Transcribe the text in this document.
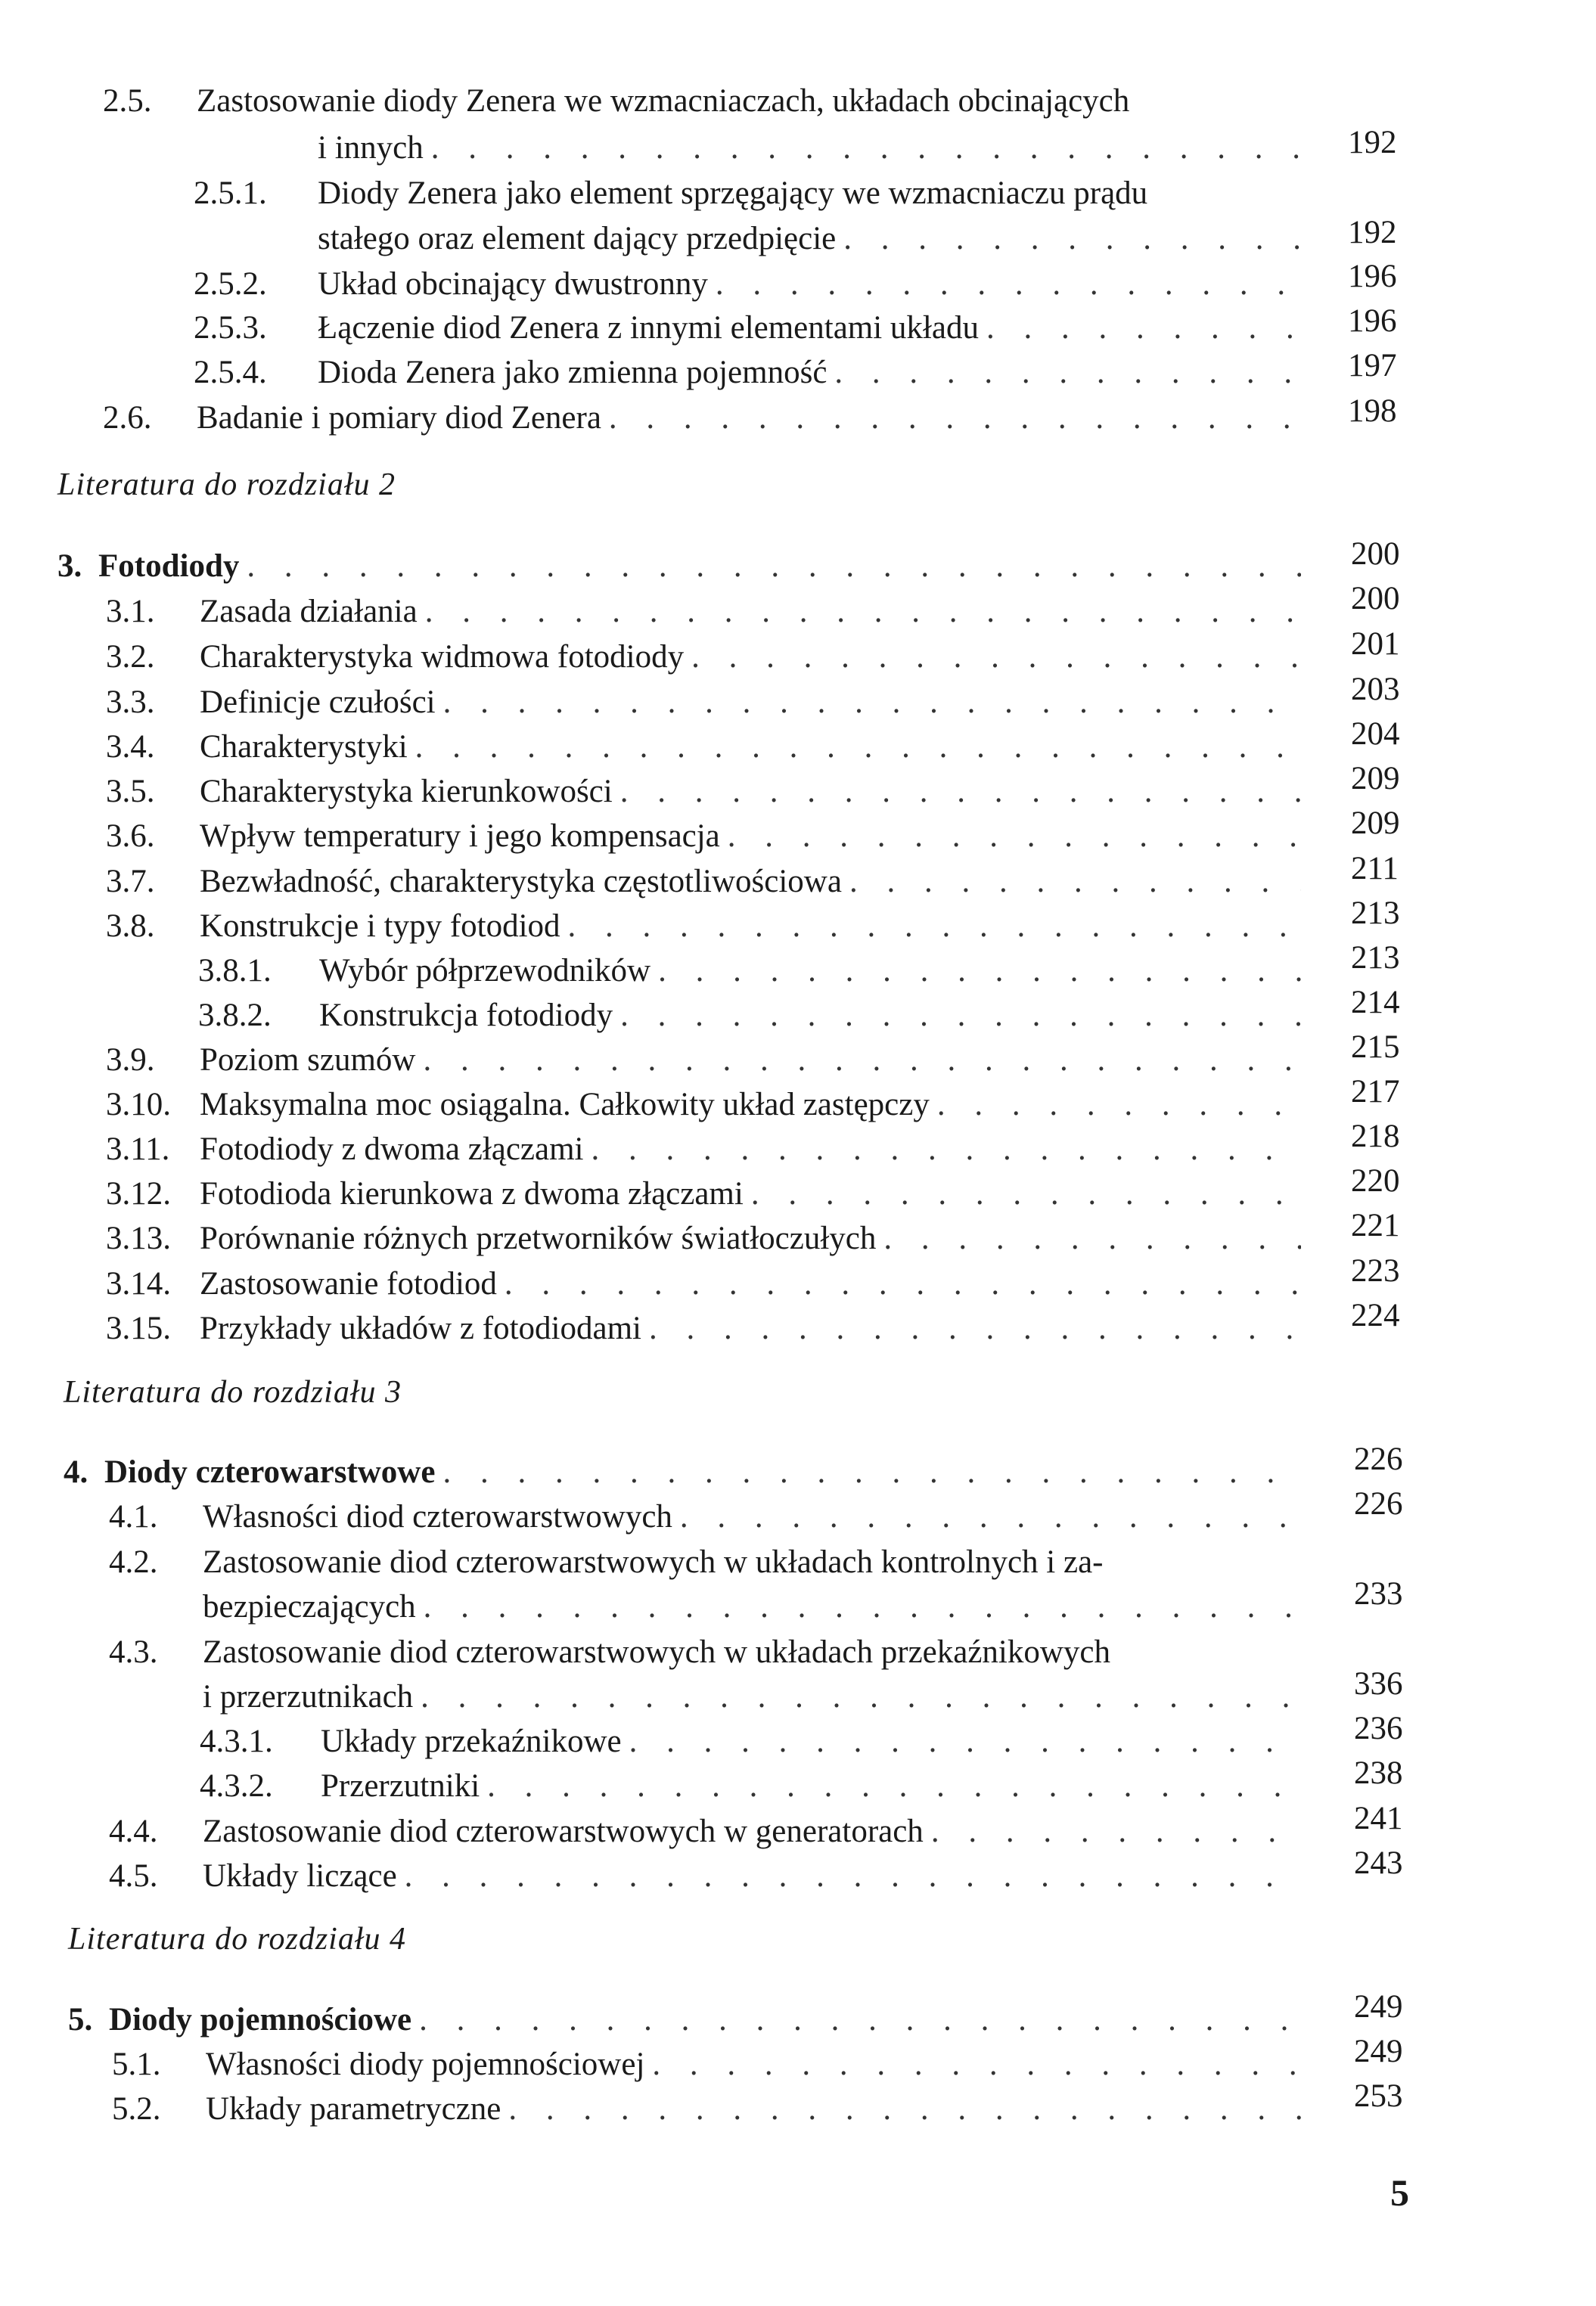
2.5.	Zastosowanie diody Zenera we wzmacniaczach, układach obcinających
i innych . . .	192
2.5.1.	Diody Zenera jako element sprzęgający we wzmacniaczu prądu
stałego oraz element dający przedpięcie . . .	192
2.5.2.	Układ obcinający dwustronny . . .	196
2.5.3.	Łączenie diod Zenera z innymi elementami układu . . .	196
2.5.4.	Dioda Zenera jako zmienna pojemność . . .	197
2.6.	Badanie i pomiary diod Zenera . . .	198
Literatura do rozdziału 2
3. Fotodiody . . .	200
3.1.	Zasada działania . . .	200
3.2.	Charakterystyka widmowa fotodiody . . .	201
3.3.	Definicje czułości . . .	203
3.4.	Charakterystyki . . .	204
3.5.	Charakterystyka kierunkowości . . .	209
3.6.	Wpływ temperatury i jego kompensacja . . .	209
3.7.	Bezwładność, charakterystyka częstotliwościowa . . .	211
3.8.	Konstrukcje i typy fotodiod . . .	213
3.8.1.	Wybór półprzewodników . . .	213
3.8.2.	Konstrukcja fotodiody . . .	214
3.9.	Poziom szumów . . .	215
3.10. Maksymalna moc osiągalna. Całkowity układ zastępczy . . .	217
3.11. Fotodiody z dwoma złączami . . .	218
3.12. Fotodioda kierunkowa z dwoma złączami . . .	220
3.13. Porównanie różnych przetworników światłoczułych . . .	221
3.14. Zastosowanie fotodiod . . .	223
3.15. Przykłady układów z fotodiodami . . .	224
Literatura do rozdziału 3
4. Diody czterowarstwowe . . .	226
4.1.	Własności diod czterowarstwowych . . .	226
4.2.	Zastosowanie diod czterowarstwowych w układach kontrolnych i za-
bezpieczających . . .	233
4.3.	Zastosowanie diod czterowarstwowych w układach przekaźnikowych
i przerzutnikach . . .	336
4.3.1.	Układy przekaźnikowe . . .	236
4.3.2.	Przerzutniki . . .	238
4.4.	Zastosowanie diod czterowarstwowych w generatorach . . .	241
4.5.	Układy liczące . . .	243
Literatura do rozdziału 4
5. Diody pojemnościowe . . .	249
5.1.	Własności diody pojemnościowej . . .	249
5.2.	Układy parametryczne . . .	253
5
